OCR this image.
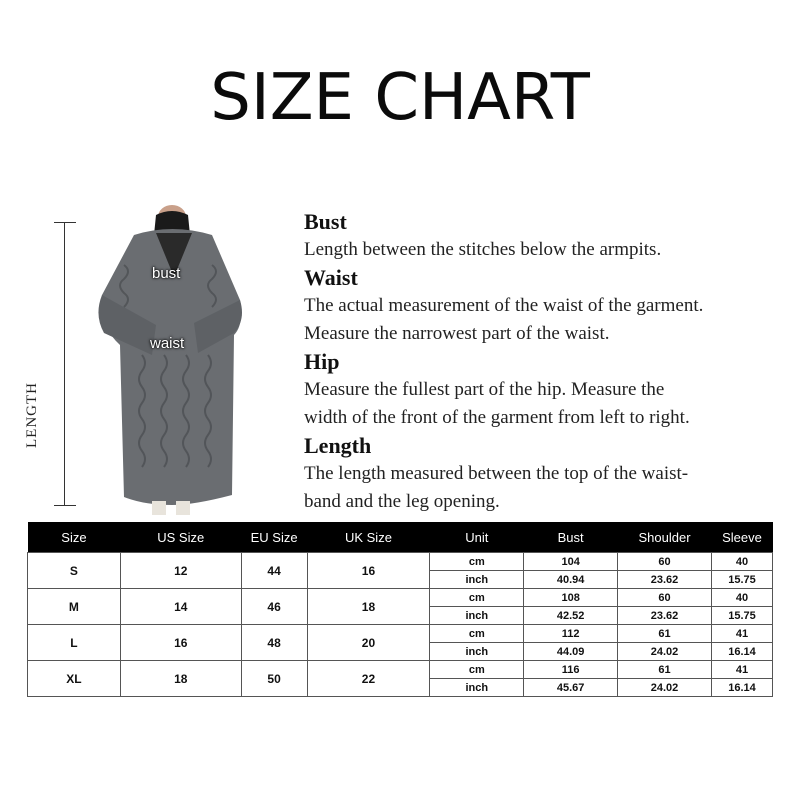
SIZE CHART
LENGTH
bust
waist
Bust
Length between the stitches below the armpits.
Waist
The actual measurement of the waist of the garment.
Measure the narrowest part of the waist.
Hip
Measure the fullest part of the hip. Measure the
width of the front of the garment from left to right.
Length
The length measured between the top of the waist-
band and the leg opening.
Size	US Size	EU Size	UK Size	Unit	Bust	Shoulder	Sleeve
S	12	44	16	cm	104	60	40
				inch	40.94	23.62	15.75
M	14	46	18	cm	108	60	40
				inch	42.52	23.62	15.75
L	16	48	20	cm	112	61	41
				inch	44.09	24.02	16.14
XL	18	50	22	cm	116	61	41
				inch	45.67	24.02	16.14
